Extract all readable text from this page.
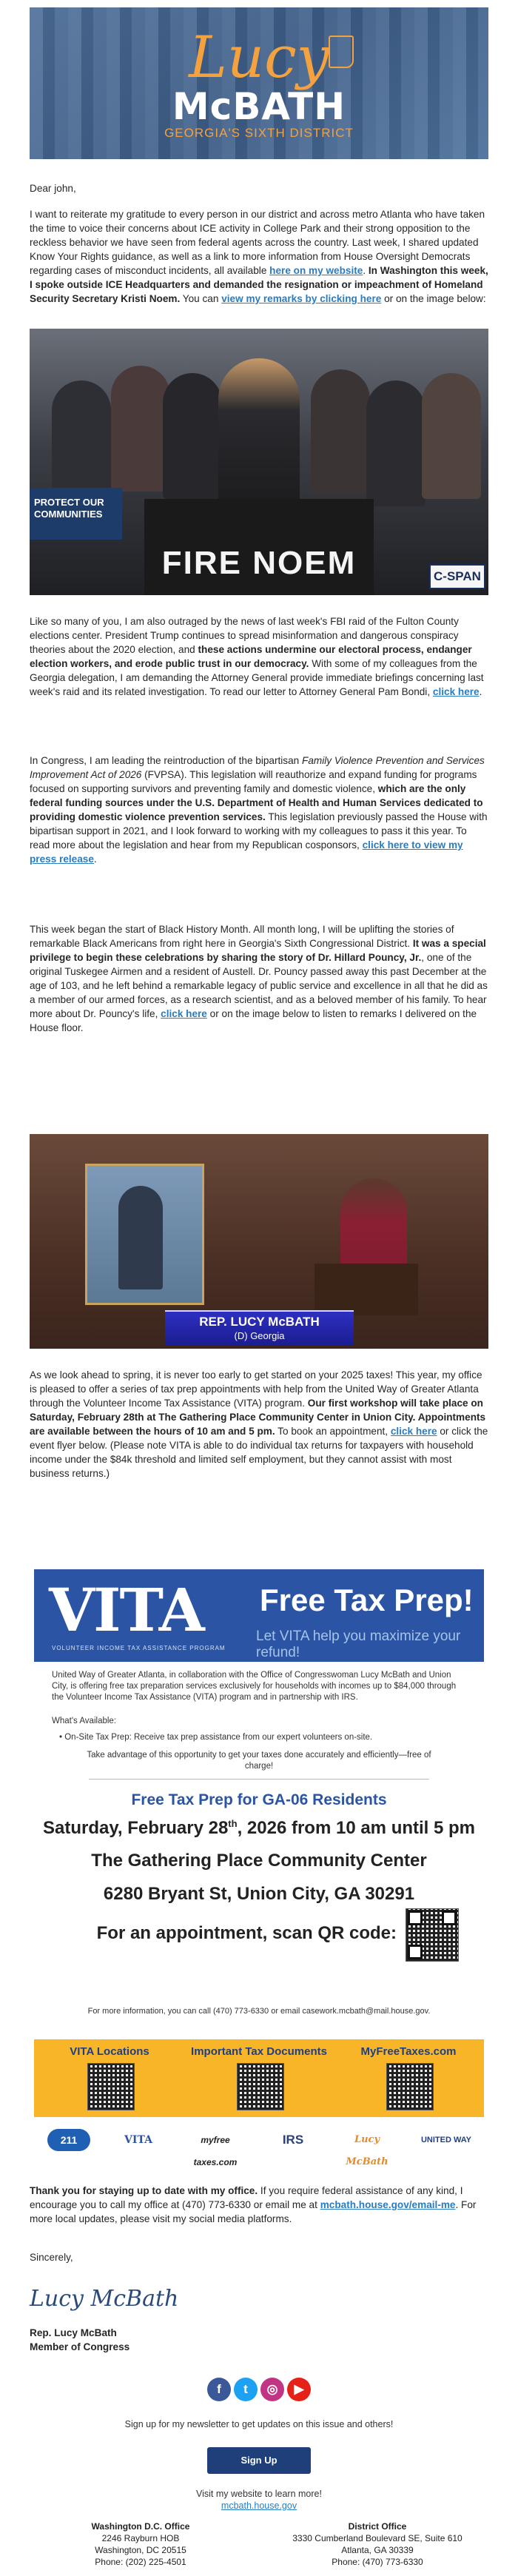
Lucy
McBATH
GEORGIA'S SIXTH DISTRICT

Dear john,

I want to reiterate my gratitude to every person in our district and across metro Atlanta who have taken the time to voice their concerns about ICE activity in College Park and their strong opposition to the reckless behavior we have seen from federal agents across the country. Last week, I shared updated Know Your Rights guidance, as well as a link to more information from House Oversight Democrats regarding cases of misconduct incidents, all available here on my website. In Washington this week, I spoke outside ICE Headquarters and demanded the resignation or impeachment of Homeland Security Secretary Kristi Noem. You can view my remarks by clicking here or on the image below:

PROTECT OUR COMMUNITIES
FIRE NOEM	C-SPAN

Like so many of you, I am also outraged by the news of last week's FBI raid of the Fulton County elections center. President Trump continues to spread misinformation and dangerous conspiracy theories about the 2020 election, and these actions undermine our electoral process, endanger election workers, and erode public trust in our democracy. With some of my colleagues from the Georgia delegation, I am demanding the Attorney General provide immediate briefings concerning last week's raid and its related investigation. To read our letter to Attorney General Pam Bondi, click here.

In Congress, I am leading the reintroduction of the bipartisan Family Violence Prevention and Services Improvement Act of 2026 (FVPSA). This legislation will reauthorize and expand funding for programs focused on supporting survivors and preventing family and domestic violence, which are the only federal funding sources under the U.S. Department of Health and Human Services dedicated to providing domestic violence prevention services. This legislation previously passed the House with bipartisan support in 2021, and I look forward to working with my colleagues to pass it this year. To read more about the legislation and hear from my Republican cosponsors, click here to view my press release.

This week began the start of Black History Month. All month long, I will be uplifting the stories of remarkable Black Americans from right here in Georgia's Sixth Congressional District. It was a special privilege to begin these celebrations by sharing the story of Dr. Hillard Pouncy, Jr., one of the original Tuskegee Airmen and a resident of Austell. Dr. Pouncy passed away this past December at the age of 103, and he left behind a remarkable legacy of public service and excellence in all that he did as a member of our armed forces, as a research scientist, and as a beloved member of his family. To hear more about Dr. Pouncy's life, click here or on the image below to listen to remarks I delivered on the House floor.

REP. LUCY McBATH
(D) Georgia

As we look ahead to spring, it is never too early to get started on your 2025 taxes! This year, my office is pleased to offer a series of tax prep appointments with help from the United Way of Greater Atlanta through the Volunteer Income Tax Assistance (VITA) program. Our first workshop will take place on Saturday, February 28th at The Gathering Place Community Center in Union City. Appointments are available between the hours of 10 am and 5 pm. To book an appointment, click here or click the event flyer below. (Please note VITA is able to do individual tax returns for taxpayers with household income under the $84k threshold and limited self employment, but they cannot assist with most business returns.)

VITA
VOLUNTEER INCOME TAX ASSISTANCE PROGRAM
Free Tax Prep!
Let VITA help you maximize your refund!

United Way of Greater Atlanta, in collaboration with the Office of Congresswoman Lucy McBath and Union City, is offering free tax preparation services exclusively for households with incomes up to $84,000 through the Volunteer Income Tax Assistance (VITA) program and in partnership with IRS.

What's Available:

• On-Site Tax Prep: Receive tax prep assistance from our expert volunteers on-site.

Take advantage of this opportunity to get your taxes done accurately and efficiently—free of charge!

Free Tax Prep for GA-06 Residents
Saturday, February 28th, 2026 from 10 am until 5 pm
The Gathering Place Community Center
6280 Bryant St, Union City, GA 30291
For an appointment, scan QR code:

For more information, you can call (470) 773-6330 or email casework.mcbath@mail.house.gov.

VITA Locations	Important Tax Documents	MyFreeTaxes.com
211	VITA	myfree taxes.com
IRS	Lucy McBath
UNITED WAY

Thank you for staying up to date with my office. If you require federal assistance of any kind, I encourage you to call my office at (470) 773-6330 or email me at mcbath.house.gov/email-me. For more local updates, please visit my social media platforms.

Sincerely,

Lucy McBath

Rep. Lucy McBath

Member of Congress

f	t	◎	▶
Sign up for my newsletter to get updates on this issue and others!
Sign Up
Visit my website to learn more!
mcbath.house.gov
Washington D.C. Office
2246 Rayburn HOB
Washington, DC 20515
Phone: (202) 225-4501
District Office
3330 Cumberland Boulevard SE, Suite 610
Atlanta, GA 30339
Phone: (470) 773-6330
